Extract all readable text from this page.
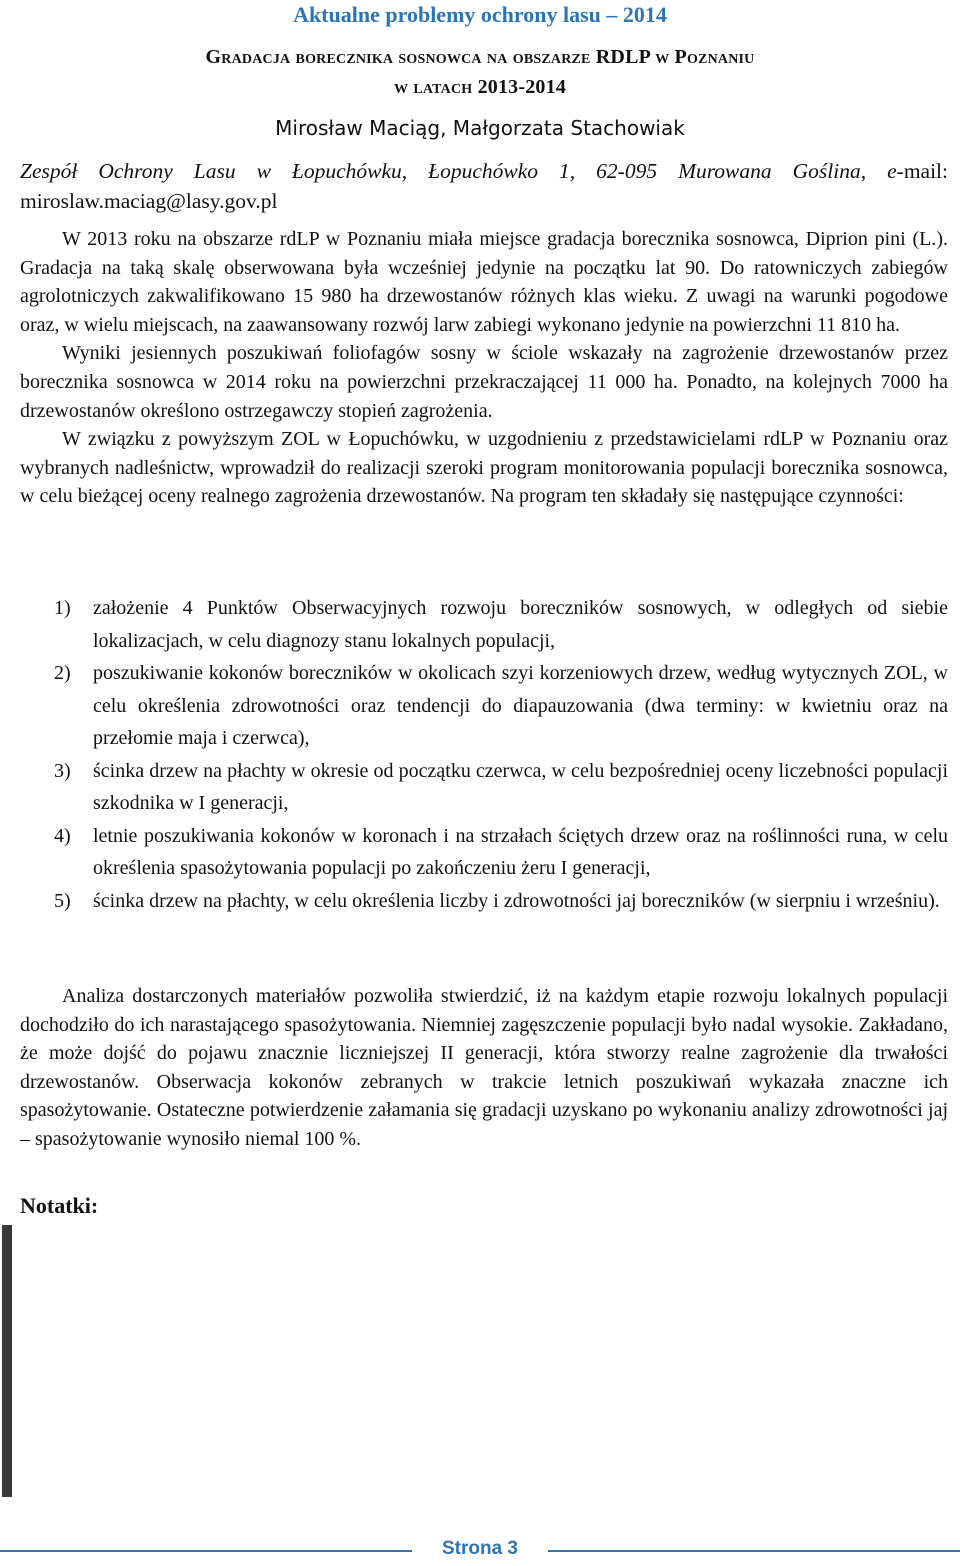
Aktualne problemy ochrony lasu – 2014
Gradacja borecznika sosnowca na obszarze RDLP w Poznaniu
w latach 2013-2014
Mirosław Maciąg, Małgorzata Stachowiak
Zespół Ochrony Lasu w Łopuchówku, Łopuchówko 1, 62-095 Murowana Goślina, e-mail: miroslaw.maciag@lasy.gov.pl

W 2013 roku na obszarze rdLP w Poznaniu miała miejsce gradacja borecznika sosnowca, Diprion pini (L.). Gradacja na taką skalę obserwowana była wcześniej jedynie na początku lat 90. Do ratowniczych zabiegów agrolotniczych zakwalifikowano 15 980 ha drzewostanów różnych klas wieku. Z uwagi na warunki pogodowe oraz, w wielu miejscach, na zaawansowany rozwój larw zabiegi wykonano jedynie na powierzchni 11 810 ha.

Wyniki jesiennych poszukiwań foliofagów sosny w ściole wskazały na zagrożenie drzewostanów przez borecznika sosnowca w 2014 roku na powierzchni przekraczającej 11 000 ha. Ponadto, na kolejnych 7000 ha drzewostanów określono ostrzegawczy stopień zagrożenia.

W związku z powyższym ZOL w Łopuchówku, w uzgodnieniu z przedstawicielami rdLP w Poznaniu oraz wybranych nadleśnictw, wprowadził do realizacji szeroki program monitorowania populacji borecznika sosnowca, w celu bieżącej oceny realnego zagrożenia drzewostanów. Na program ten składały się następujące czynności:

1) założenie 4 Punktów Obserwacyjnych rozwoju boreczników sosnowych, w odległych od siebie lokalizacjach, w celu diagnozy stanu lokalnych populacji,
2) poszukiwanie kokonów boreczników w okolicach szyi korzeniowych drzew, według wytycznych ZOL, w celu określenia zdrowotności oraz tendencji do diapauzowania (dwa terminy: w kwietniu oraz na przełomie maja i czerwca),
3) ścinka drzew na płachty w okresie od początku czerwca, w celu bezpośredniej oceny liczebności populacji szkodnika w I generacji,
4) letnie poszukiwania kokonów w koronach i na strzałach ściętych drzew oraz na roślinności runa, w celu określenia spasożytowania populacji po zakończeniu żeru I generacji,
5) ścinka drzew na płachty, w celu określenia liczby i zdrowotności jaj boreczników (w sierpniu i wrześniu).

Analiza dostarczonych materiałów pozwoliła stwierdzić, iż na każdym etapie rozwoju lokalnych populacji dochodziło do ich narastającego spasożytowania. Niemniej zagęszczenie populacji było nadal wysokie. Zakładano, że może dojść do pojawu znacznie liczniejszej II generacji, która stworzy realne zagrożenie dla trwałości drzewostanów. Obserwacja kokonów zebranych w trakcie letnich poszukiwań wykazała znaczne ich spasożytowanie. Ostateczne potwierdzenie załamania się gradacji uzyskano po wykonaniu analizy zdrowotności jaj – spasożytowanie wynosiło niemal 100 %.

Notatki:
Strona 3
